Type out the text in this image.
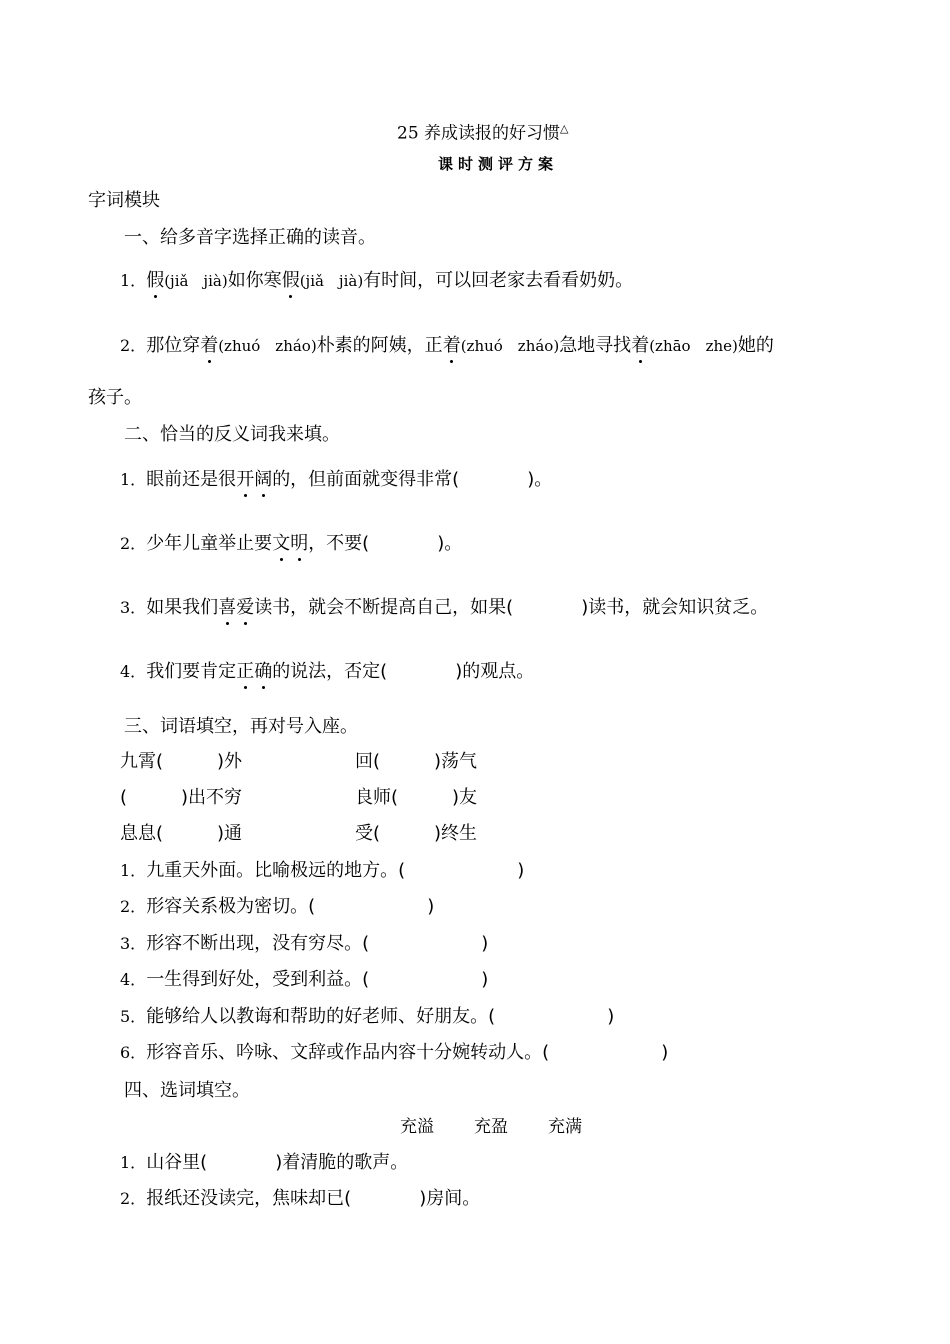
25 养成读报的好习惯△
课时测评方案
字词模块
一、给多音字选择正确的读音。
1．假(jiǎ　jià)如你寒假(jiǎ　jià)有时间，可以回老家去看看奶奶。
2．那位穿着(zhuó　zháo)朴素的阿姨，正着(zhuó　zháo)急地寻找着(zhāo　zhe)她的
孩子。
二、恰当的反义词我来填。
1．眼前还是很开阔的，但前面就变得非常(	)。
2．少年儿童举止要文明，不要(	)。
3．如果我们喜爱读书，就会不断提高自己，如果(	)读书，就会知识贫乏。
4．我们要肯定正确的说法，否定(	)的观点。
三、词语填空，再对号入座。
九霄(	)外	回(	)荡气
(	)出不穷	良师(	)友
息息(	)通	受(	)终生
1．九重天外面。比喻极远的地方。(	)
2．形容关系极为密切。(	)
3．形容不断出现，没有穷尽。(	)
4．一生得到好处，受到利益。(	)
5．能够给人以教诲和帮助的好老师、好朋友。(	)
6．形容音乐、吟咏、文辞或作品内容十分婉转动人。(	)
四、选词填空。
充溢 充盈 充满
1．山谷里(	)着清脆的歌声。
2．报纸还没读完，焦味却已(	)房间。
